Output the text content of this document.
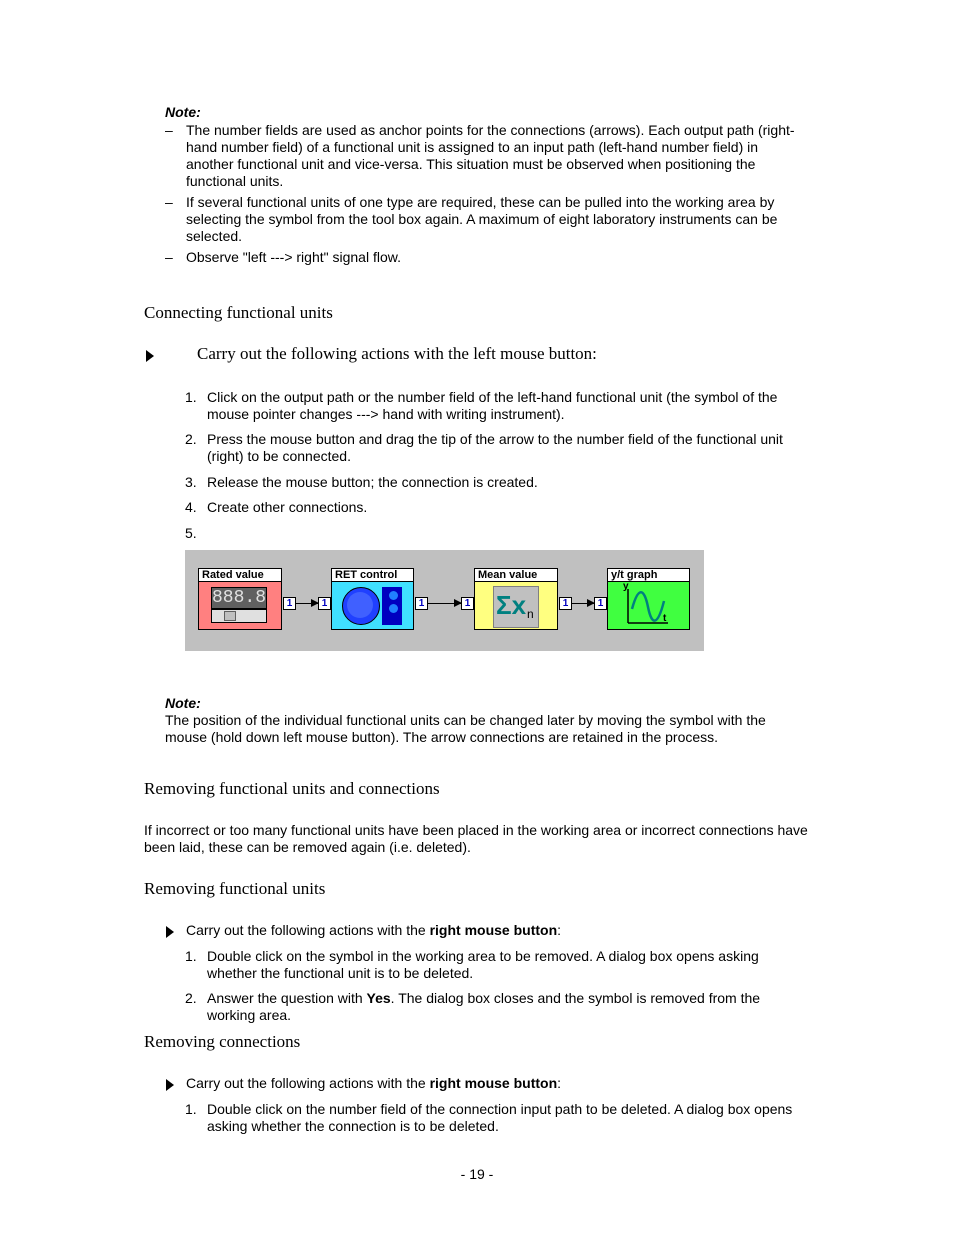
Note:
– The number fields are used as anchor points for the connections (arrows). Each output path (right-hand number field) of a functional unit is assigned to an input path (left-hand number field) in another functional unit and vice-versa. This situation must be observed when positioning the functional units.
– If several functional units of one type are required, these can be pulled into the working area by selecting the symbol from the tool box again. A maximum of eight laboratory instruments can be selected.
– Observe "left ---> right" signal flow.
Connecting functional units
Carry out the following actions with the left mouse button:
1. Click on the output path or the number field of the left-hand functional unit (the symbol of the mouse pointer changes ---> hand with writing instrument).
2. Press the mouse button and drag the tip of the arrow to the number field of the functional unit (right) to be connected.
3. Release the mouse button; the connection is created.
4. Create other connections.
5.
Rated value
888.8	1	1
RET control
1	1
Mean value
Σx n
1	1
y/t graph
y
t
Note:
The position of the individual functional units can be changed later by moving the symbol with the mouse (hold down left mouse button). The arrow connections are retained in the process.
Removing functional units and connections
If incorrect or too many functional units have been placed in the working area or incorrect connections have been laid, these can be removed again (i.e. deleted).
Removing functional units
Carry out the following actions with the right mouse button:
1. Double click on the symbol in the working area to be removed. A dialog box opens asking whether the functional unit is to be deleted.
2. Answer the question with Yes. The dialog box closes and the symbol is removed from the working area.
Removing connections
Carry out the following actions with the right mouse button:
1. Double click on the number field of the connection input path to be deleted. A dialog box opens asking whether the connection is to be deleted.
- 19 -
